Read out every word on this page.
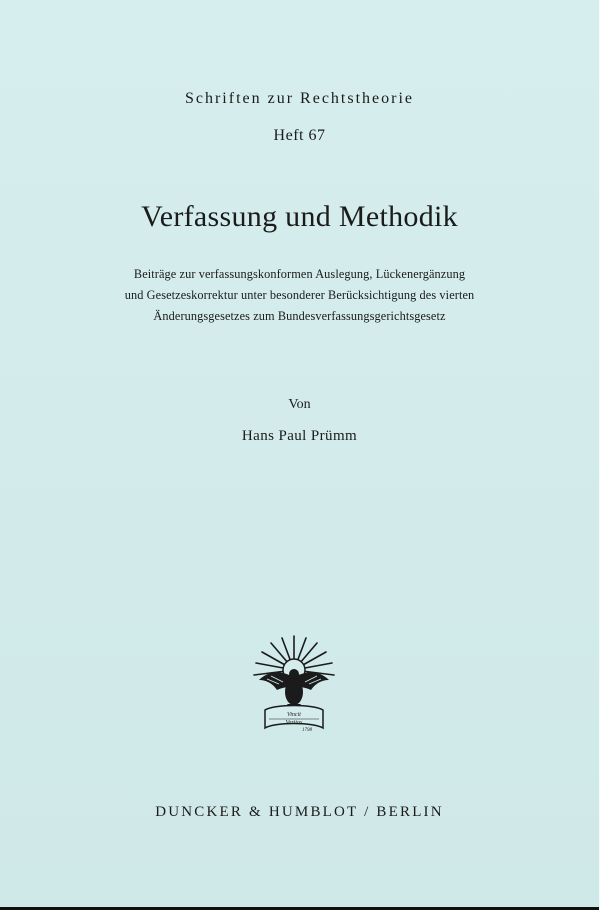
Schriften zur Rechtstheorie
Heft 67
Verfassung und Methodik
Beiträge zur verfassungskonformen Auslegung, Lückenergänzung
und Gesetzeskorrektur unter besonderer Berücksichtigung des vierten
Änderungsgesetzes zum Bundesverfassungsgerichtsgesetz
Von
Hans Paul Prümm
Vincit
Veritas
1798
DUNCKER & HUMBLOT / BERLIN
